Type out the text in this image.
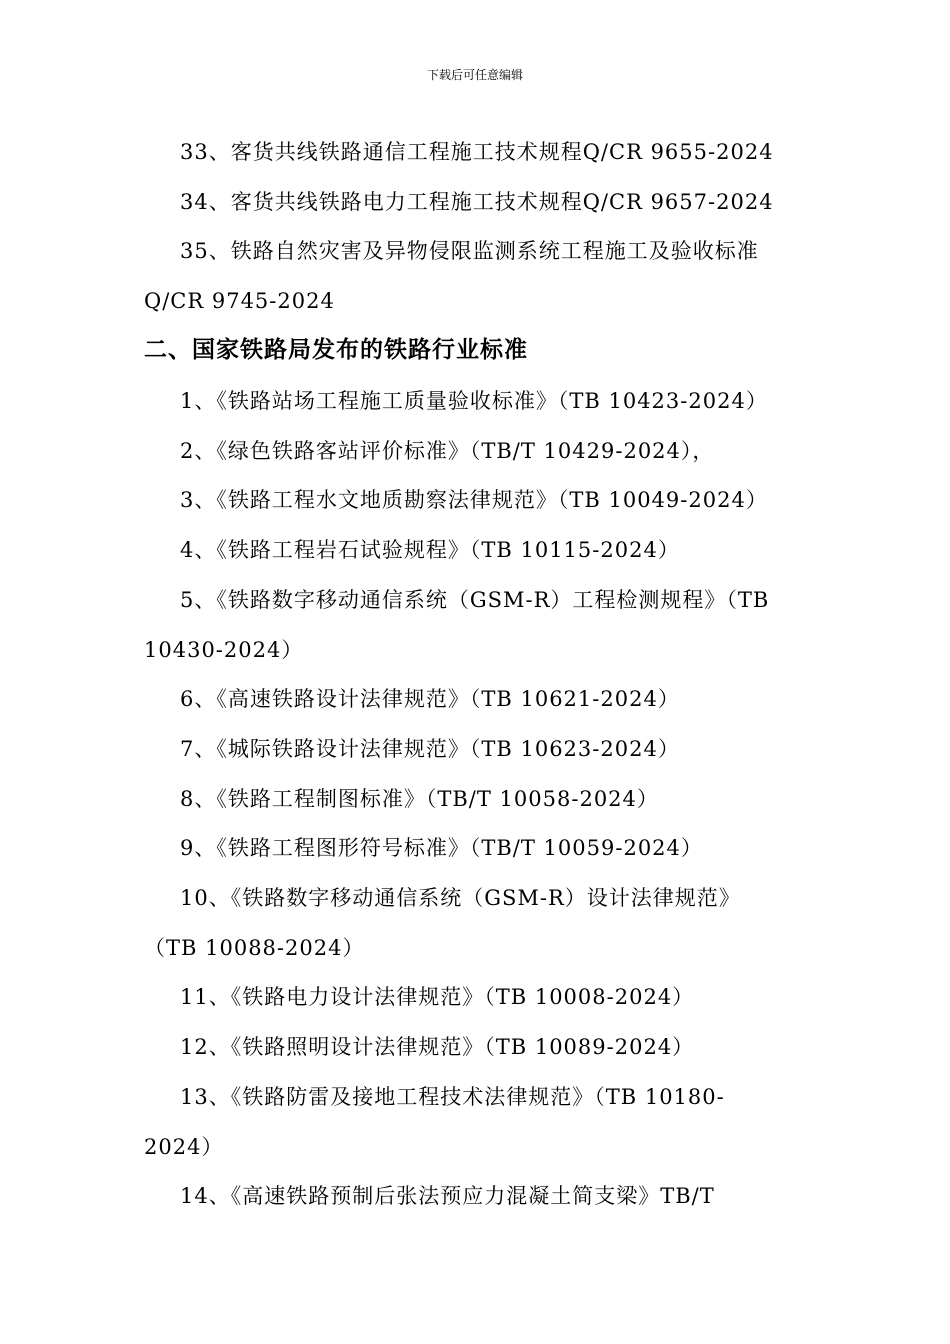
下载后可任意编辑
33、客货共线铁路通信工程施工技术规程Q/CR 9655-2024
34、客货共线铁路电力工程施工技术规程Q/CR 9657-2024
35、铁路自然灾害及异物侵限监测系统工程施工及验收标准
Q/CR 9745-2024
二、国家铁路局发布的铁路行业标准
1、《铁路站场工程施工质量验收标准》（TB 10423-2024）
2、《绿色铁路客站评价标准》（TB/T 10429-2024），
3、《铁路工程水文地质勘察法律规范》（TB 10049-2024）
4、《铁路工程岩石试验规程》（TB 10115-2024）
5、《铁路数字移动通信系统（GSM-R）工程检测规程》（TB
10430-2024）
6、《高速铁路设计法律规范》（TB 10621-2024）
7、《城际铁路设计法律规范》（TB 10623-2024）
8、《铁路工程制图标准》（TB/T 10058-2024）
9、《铁路工程图形符号标准》（TB/T 10059-2024）
10、《铁路数字移动通信系统（GSM-R）设计法律规范》
（TB 10088-2024）
11、《铁路电力设计法律规范》（TB 10008-2024）
12、《铁路照明设计法律规范》（TB 10089-2024）
13、《铁路防雷及接地工程技术法律规范》（TB 10180-
2024）
14、《高速铁路预制后张法预应力混凝土简支梁》TB/T
